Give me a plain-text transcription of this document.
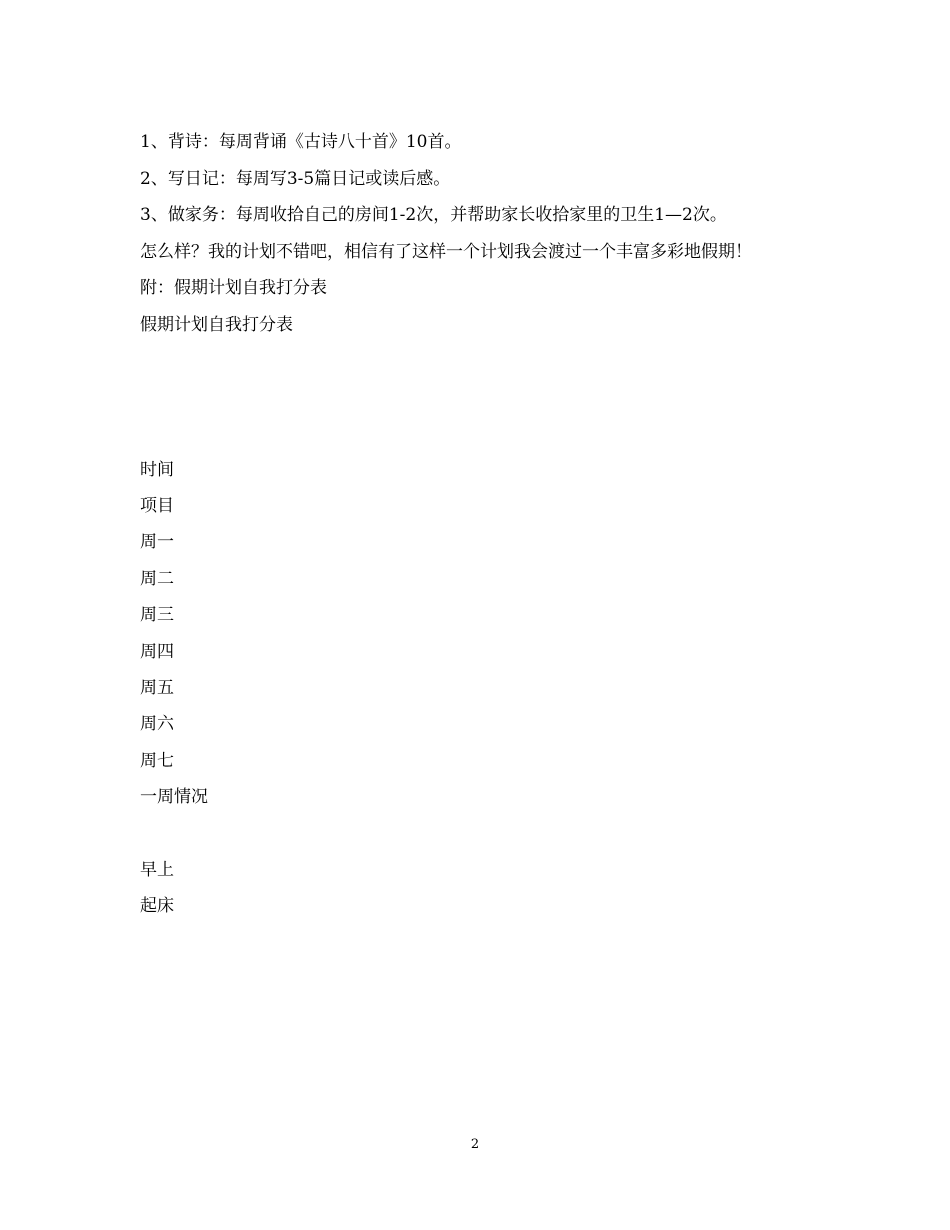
1、背诗：每周背诵《古诗八十首》10首。
2、写日记：每周写3-5篇日记或读后感。
3、做家务：每周收拾自己的房间1-2次，并帮助家长收拾家里的卫生1—2次。
怎么样？我的计划不错吧，相信有了这样一个计划我会渡过一个丰富多彩地假期！
附：假期计划自我打分表
假期计划自我打分表
时间
项目
周一
周二
周三
周四
周五
周六
周七
一周情况
早上
起床
2
